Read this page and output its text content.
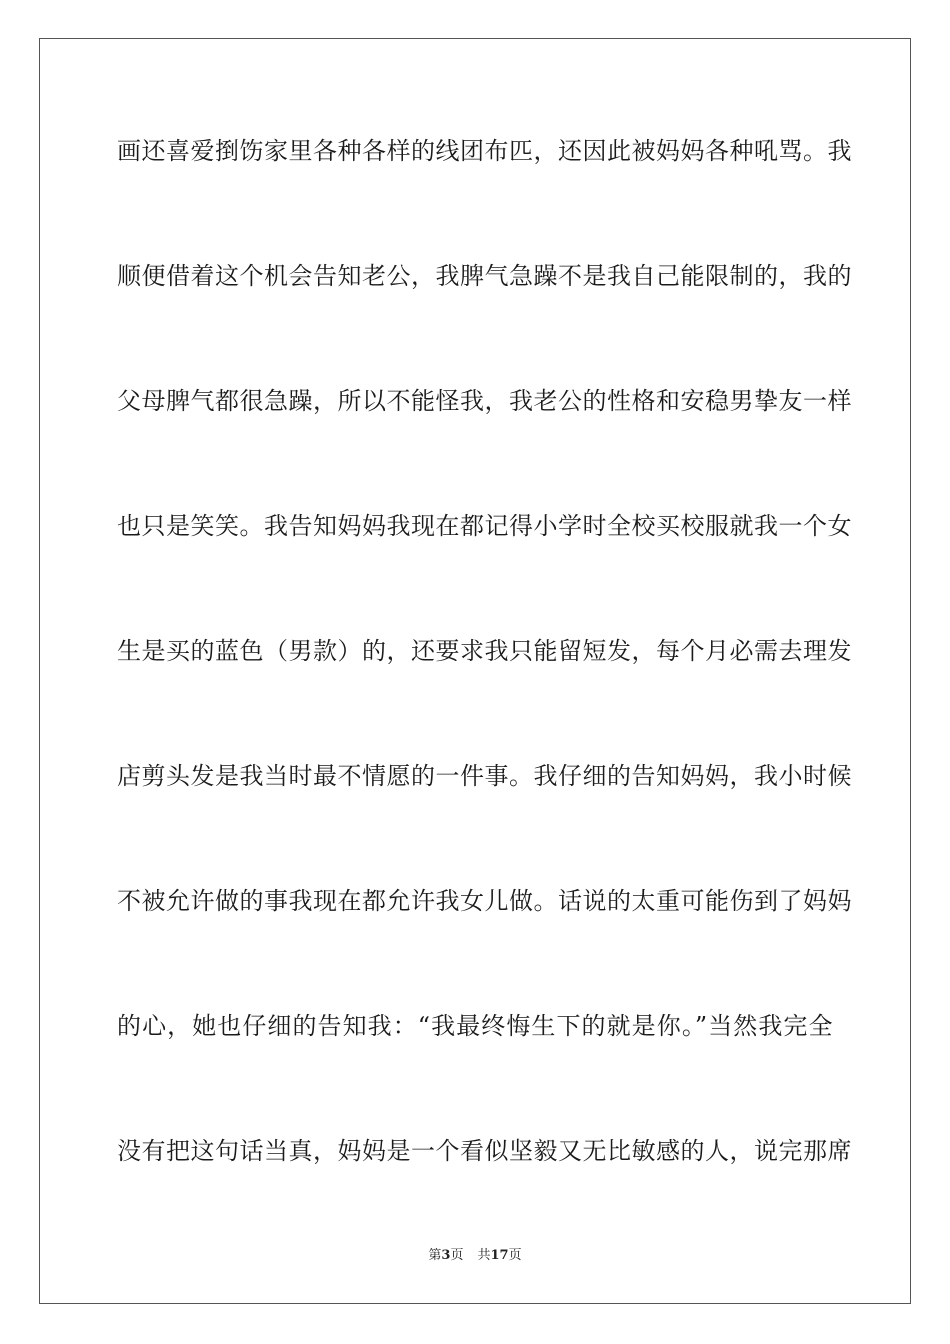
画还喜爱捯饬家里各种各样的线团布匹，还因此被妈妈各种吼骂。我
顺便借着这个机会告知老公，我脾气急躁不是我自己能限制的，我的
父母脾气都很急躁，所以不能怪我，我老公的性格和安稳男挚友一样
也只是笑笑。我告知妈妈我现在都记得小学时全校买校服就我一个女
生是买的蓝色（男款）的，还要求我只能留短发，每个月必需去理发
店剪头发是我当时最不情愿的一件事。我仔细的告知妈妈，我小时候
不被允许做的事我现在都允许我女儿做。话说的太重可能伤到了妈妈
的心，她也仔细的告知我：“我最终悔生下的就是你。”当然我完全
没有把这句话当真，妈妈是一个看似坚毅又无比敏感的人，说完那席
第3页 共17页
